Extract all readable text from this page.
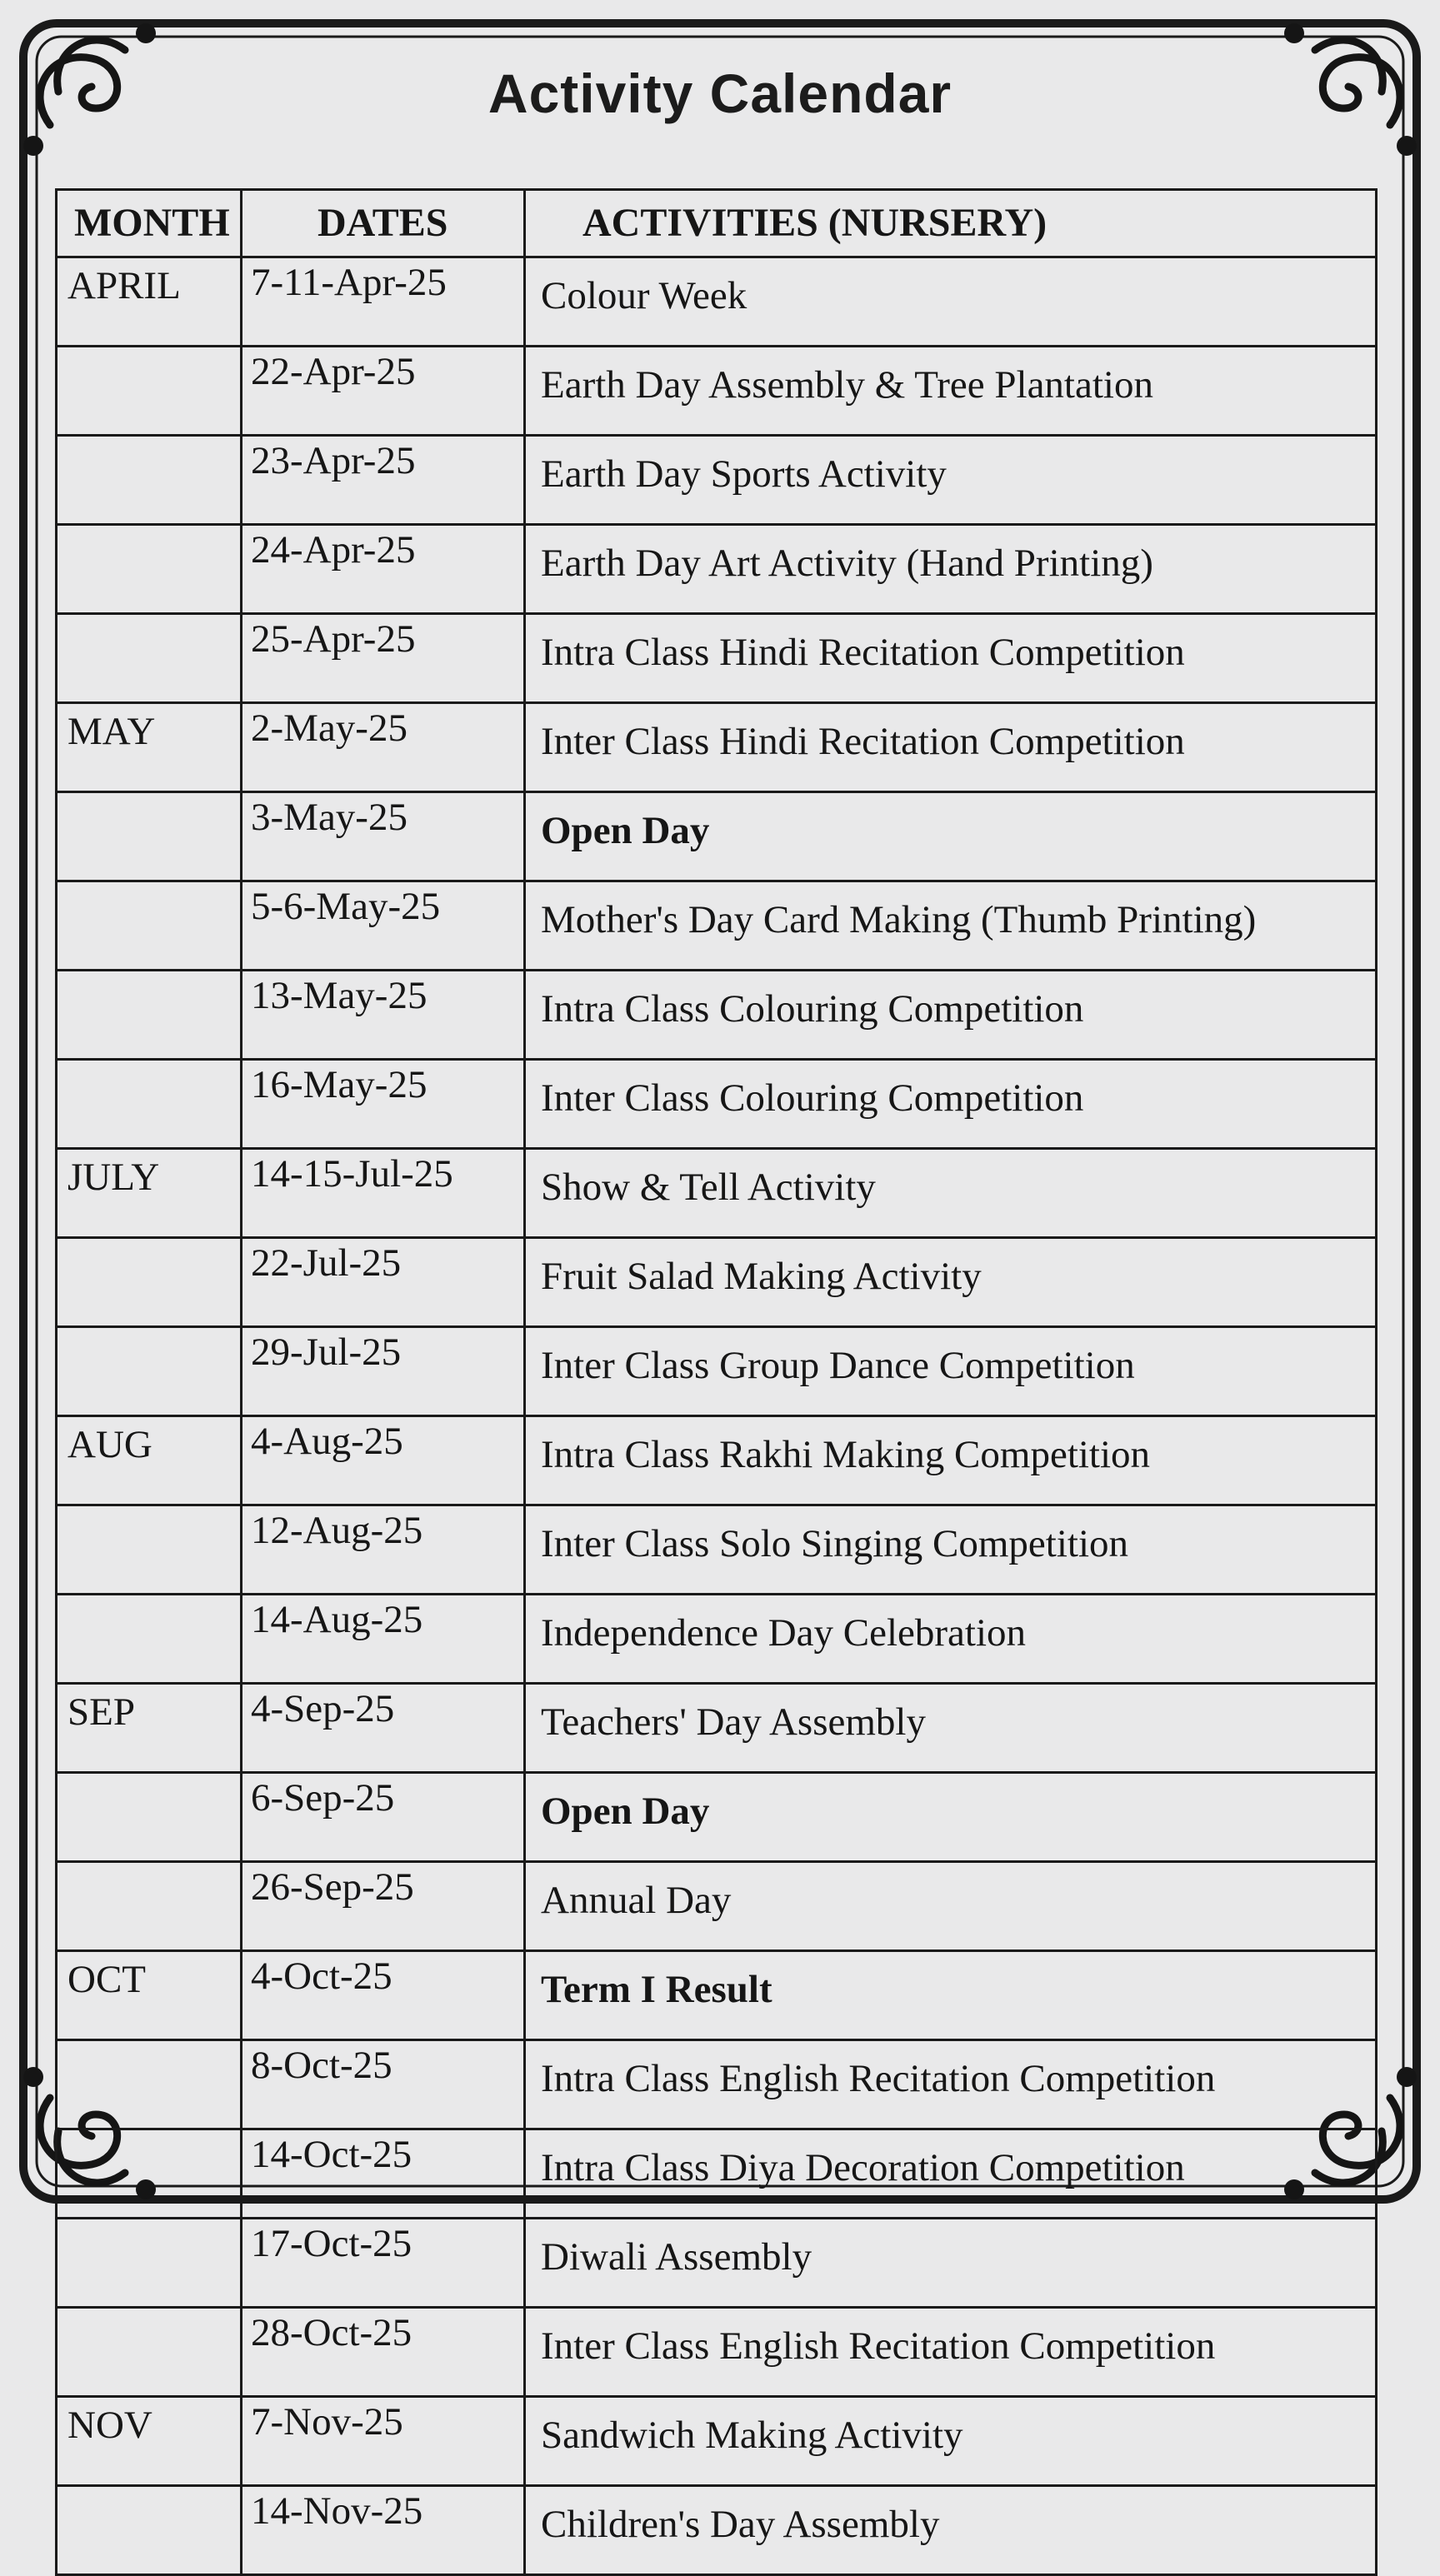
Activity Calendar
MONTH	DATES	ACTIVITIES (NURSERY)
APRIL	7-11-Apr-25	Colour Week
	22-Apr-25	Earth Day Assembly & Tree Plantation
	23-Apr-25	Earth Day Sports Activity
	24-Apr-25	Earth Day Art Activity (Hand Printing)
	25-Apr-25	Intra Class Hindi Recitation Competition
MAY	2-May-25	Inter Class Hindi Recitation Competition
	3-May-25	Open Day
	5-6-May-25	Mother's Day Card Making (Thumb Printing)
	13-May-25	Intra Class Colouring Competition
	16-May-25	Inter Class Colouring Competition
JULY	14-15-Jul-25	Show & Tell Activity
	22-Jul-25	Fruit Salad Making Activity
	29-Jul-25	Inter Class Group Dance Competition
AUG	4-Aug-25	Intra Class Rakhi Making Competition
	12-Aug-25	Inter Class Solo Singing Competition
	14-Aug-25	Independence Day Celebration
SEP	4-Sep-25	Teachers' Day Assembly
	6-Sep-25	Open Day
	26-Sep-25	Annual Day
OCT	4-Oct-25	Term I Result
	8-Oct-25	Intra Class English Recitation Competition
	14-Oct-25	Intra Class Diya Decoration Competition
	17-Oct-25	Diwali Assembly
	28-Oct-25	Inter Class English Recitation Competition
NOV	7-Nov-25	Sandwich Making Activity
	14-Nov-25	Children's Day Assembly
